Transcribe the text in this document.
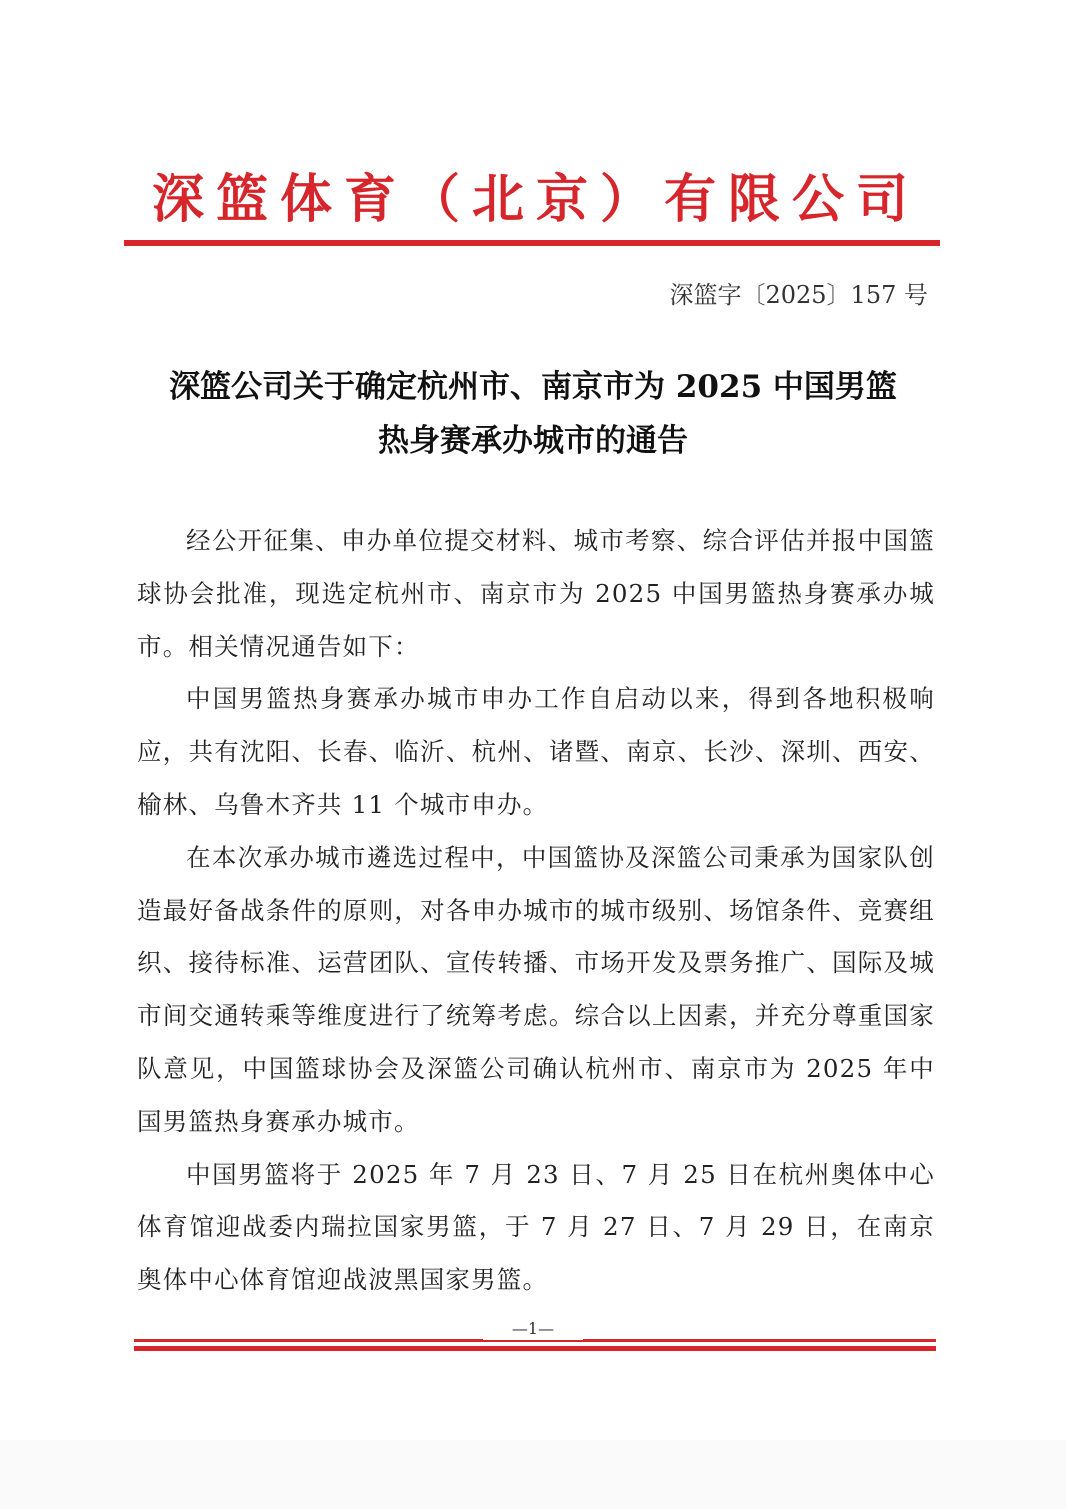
深 篮 体 育 （ 北 京 ） 有 限 公 司
深篮字〔2025〕157 号
深篮公司关于确定杭州市、南京市为 2025 中国男篮
热身赛承办城市的通告

经公开征集、申办单位提交材料、城市考察、综合评估并报中国篮球协会批准，现选定杭州市、南京市为 2025 中国男篮热身赛承办城市。相关情况通告如下：

中国男篮热身赛承办城市申办工作自启动以来，得到各地积极响应，共有沈阳、长春、临沂、杭州、诸暨、南京、长沙、深圳、西安、榆林、乌鲁木齐共 11 个城市申办。

在本次承办城市遴选过程中，中国篮协及深篮公司秉承为国家队创造最好备战条件的原则，对各申办城市的城市级别、场馆条件、竞赛组织、接待标准、运营团队、宣传转播、市场开发及票务推广、国际及城市间交通转乘等维度进行了统筹考虑。综合以上因素，并充分尊重国家队意见，中国篮球协会及深篮公司确认杭州市、南京市为 2025 年中国男篮热身赛承办城市。

中国男篮将于 2025 年 7 月 23 日、7 月 25 日在杭州奥体中心体育馆迎战委内瑞拉国家男篮，于 7 月 27 日、7 月 29 日，在南京奥体中心体育馆迎战波黑国家男篮。

—1—
